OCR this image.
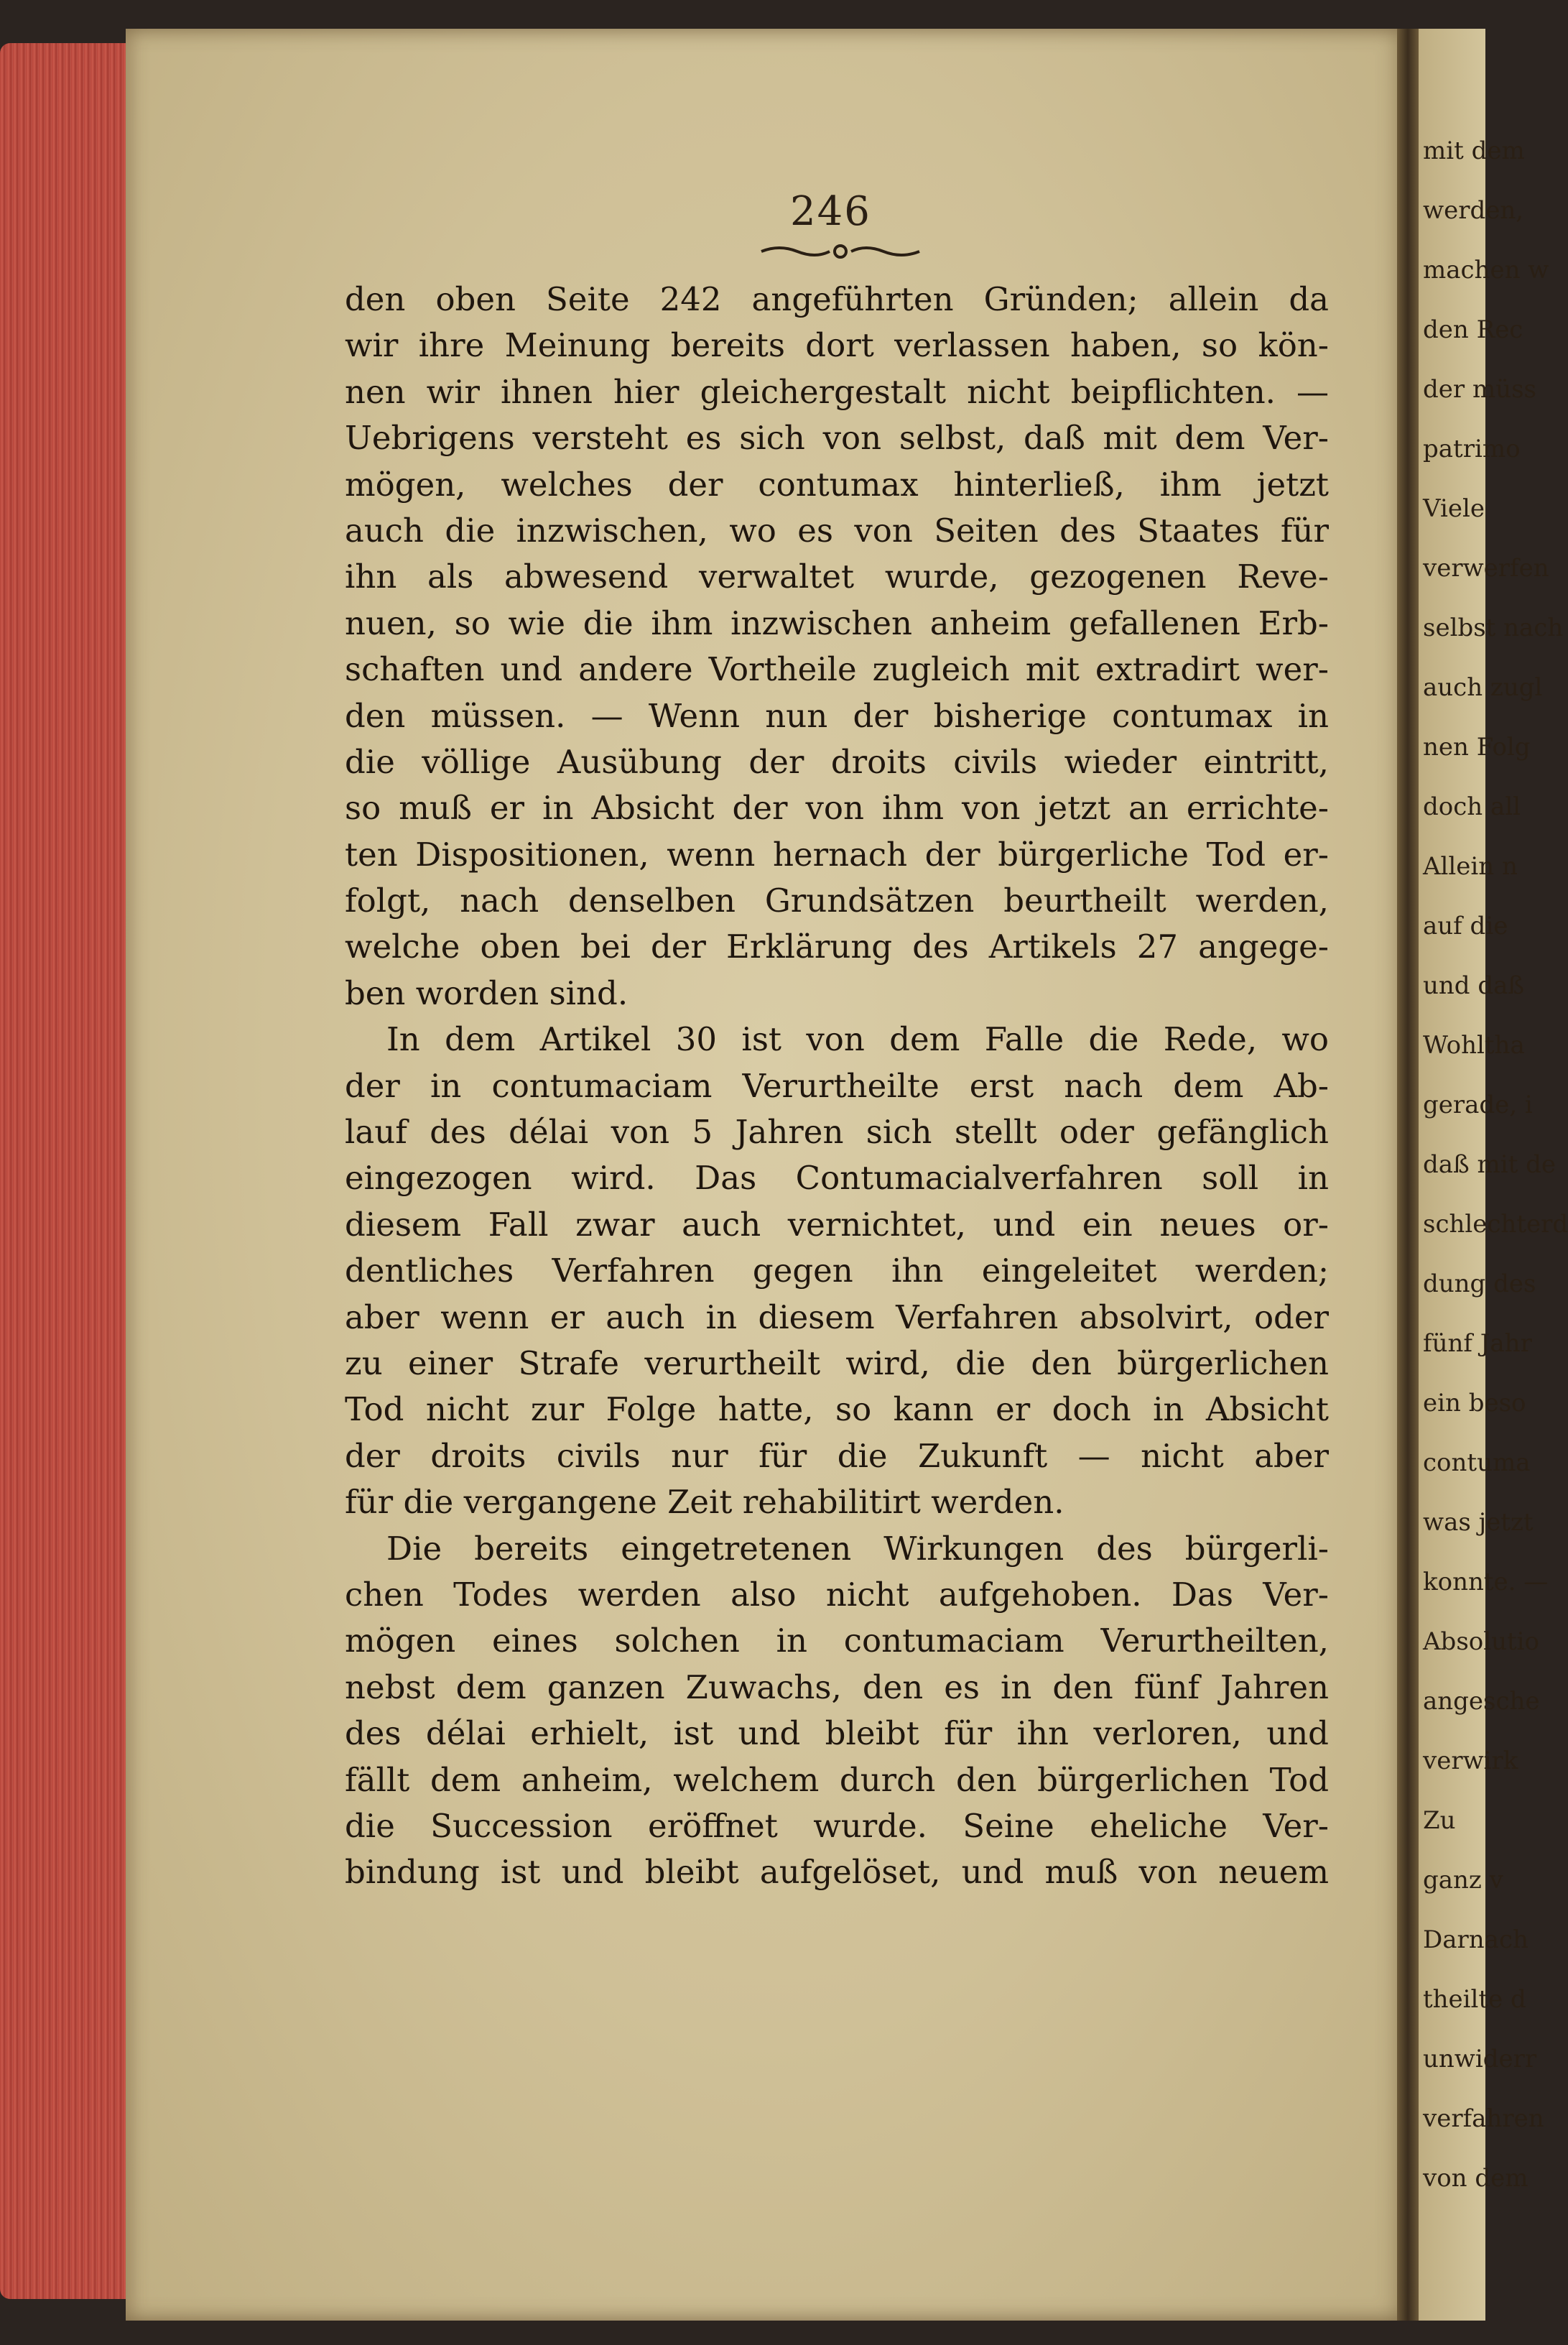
mit dem
werden,
machen w
den Rec
der müss
patrimo
Viele
verwerfen
selbst nach
auch zugl
nen Folg
doch all
Allein n
auf die
und daß
Wohltha
gerade, i
daß mit de
schlechterd
dung des
fünf Jahr
ein beso
contuma
was jetzt
konnte. —
Absolutio
angesche
verwirk
Zu
ganz v
Darnach
theilte d
unwiderr
verfahren
von dem
246
den oben Seite 242 angeführten Gründen; allein da
wir ihre Meinung bereits dort verlassen haben, so kön-
nen wir ihnen hier gleichergestalt nicht beipflichten. —
Uebrigens versteht es sich von selbst, daß mit dem Ver-
mögen, welches der contumax hinterließ, ihm jetzt
auch die inzwischen, wo es von Seiten des Staates für
ihn als abwesend verwaltet wurde, gezogenen Reve-
nuen, so wie die ihm inzwischen anheim gefallenen Erb-
schaften und andere Vortheile zugleich mit extradirt wer-
den müssen. — Wenn nun der bisherige contumax in
die völlige Ausübung der droits civils wieder eintritt,
so muß er in Absicht der von ihm von jetzt an errichte-
ten Dispositionen, wenn hernach der bürgerliche Tod er-
folgt, nach denselben Grundsätzen beurtheilt werden,
welche oben bei der Erklärung des Artikels 27 angege-
ben worden sind.
In dem Artikel 30 ist von dem Falle die Rede, wo
der in contumaciam Verurtheilte erst nach dem Ab-
lauf des délai von 5 Jahren sich stellt oder gefänglich
eingezogen wird. Das Contumacialverfahren soll in
diesem Fall zwar auch vernichtet, und ein neues or-
dentliches Verfahren gegen ihn eingeleitet werden;
aber wenn er auch in diesem Verfahren absolvirt, oder
zu einer Strafe verurtheilt wird, die den bürgerlichen
Tod nicht zur Folge hatte, so kann er doch in Absicht
der droits civils nur für die Zukunft — nicht aber
für die vergangene Zeit rehabilitirt werden.
Die bereits eingetretenen Wirkungen des bürgerli-
chen Todes werden also nicht aufgehoben. Das Ver-
mögen eines solchen in contumaciam Verurtheilten,
nebst dem ganzen Zuwachs, den es in den fünf Jahren
des délai erhielt, ist und bleibt für ihn verloren, und
fällt dem anheim, welchem durch den bürgerlichen Tod
die Succession eröffnet wurde. Seine eheliche Ver-
bindung ist und bleibt aufgelöset, und muß von neuem
